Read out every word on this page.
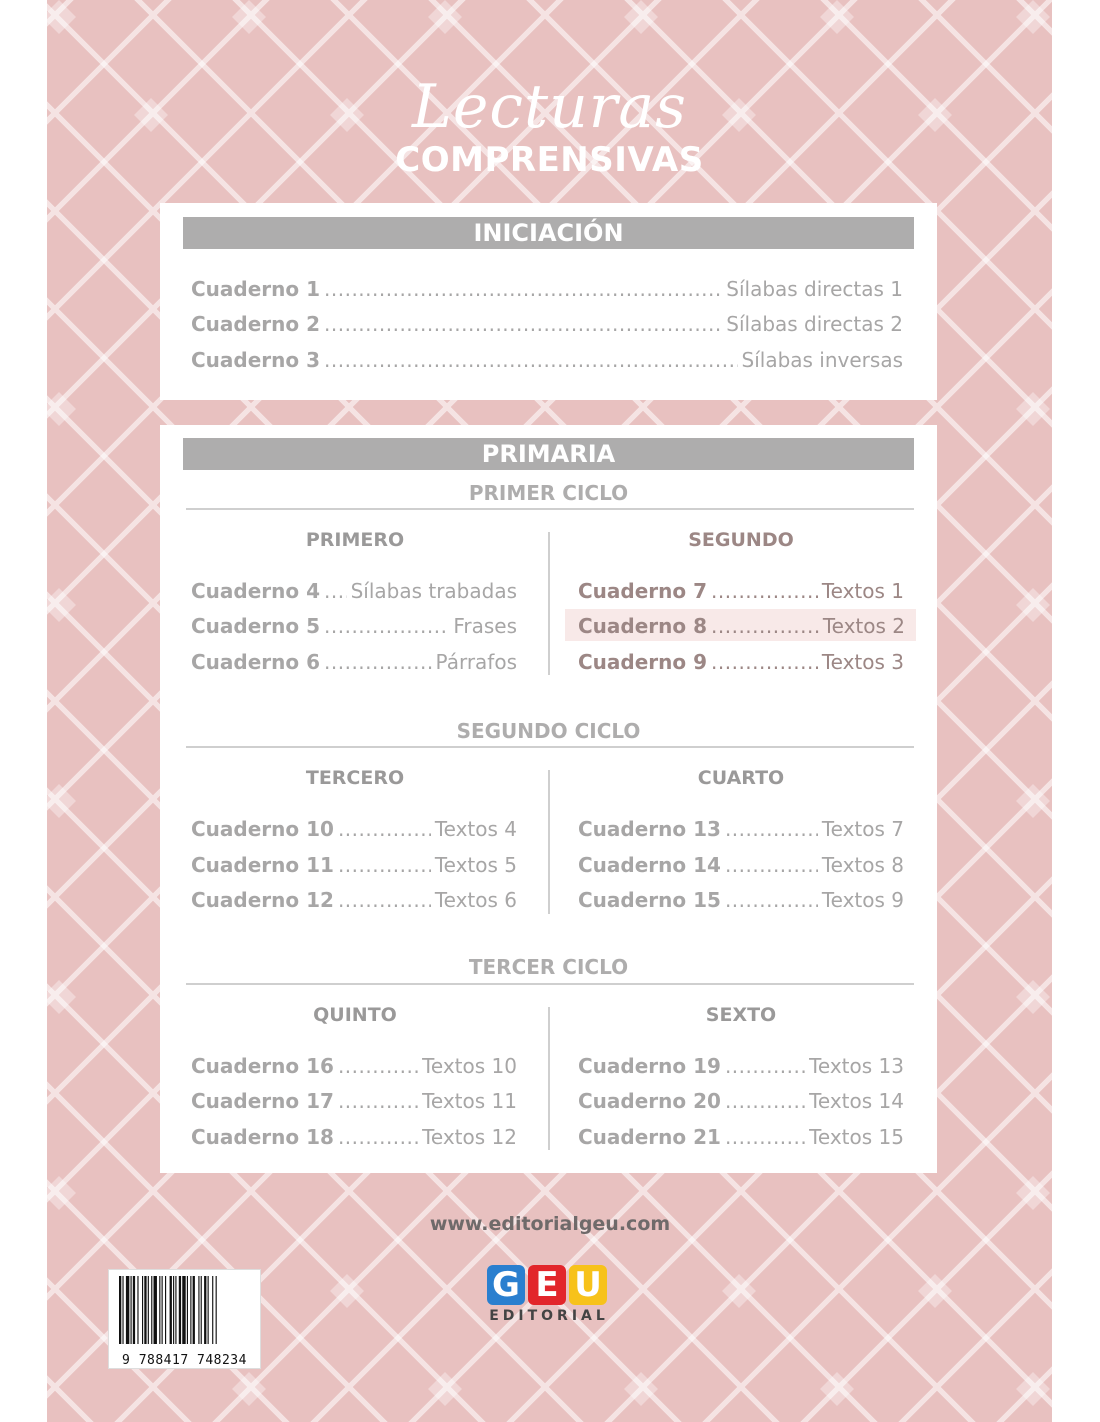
Lecturas
COMPRENSIVAS
INICIACIÓN
Cuaderno 1 .....	Sílabas directas 1
Cuaderno 2 .....	Sílabas directas 2
Cuaderno 3 .....	Sílabas inversas
PRIMARIA
PRIMER CICLO
PRIMERO	SEGUNDO
Cuaderno 4 ..... Sílabas trabadas
Cuaderno 5 .....	Frases
Cuaderno 6 .....	Párrafos
Cuaderno 7 .....	Textos 1
Cuaderno 8 .....	Textos 2
Cuaderno 9 .....	Textos 3
SEGUNDO CICLO
TERCERO	CUARTO
Cuaderno 10 .....	Textos 4
Cuaderno 11 .....	Textos 5
Cuaderno 12 .....	Textos 6
Cuaderno 13 .....	Textos 7
Cuaderno 14 .....	Textos 8
Cuaderno 15 .....	Textos 9
TERCER CICLO
QUINTO	SEXTO
Cuaderno 16 .....	Textos 10
Cuaderno 17 .....	Textos 11
Cuaderno 18 .....	Textos 12
Cuaderno 19 .....	Textos 13
Cuaderno 20 .....	Textos 14
Cuaderno 21 .....	Textos 15
www.editorialgeu.com
G E U
EDITORIAL
9 788417 748234
